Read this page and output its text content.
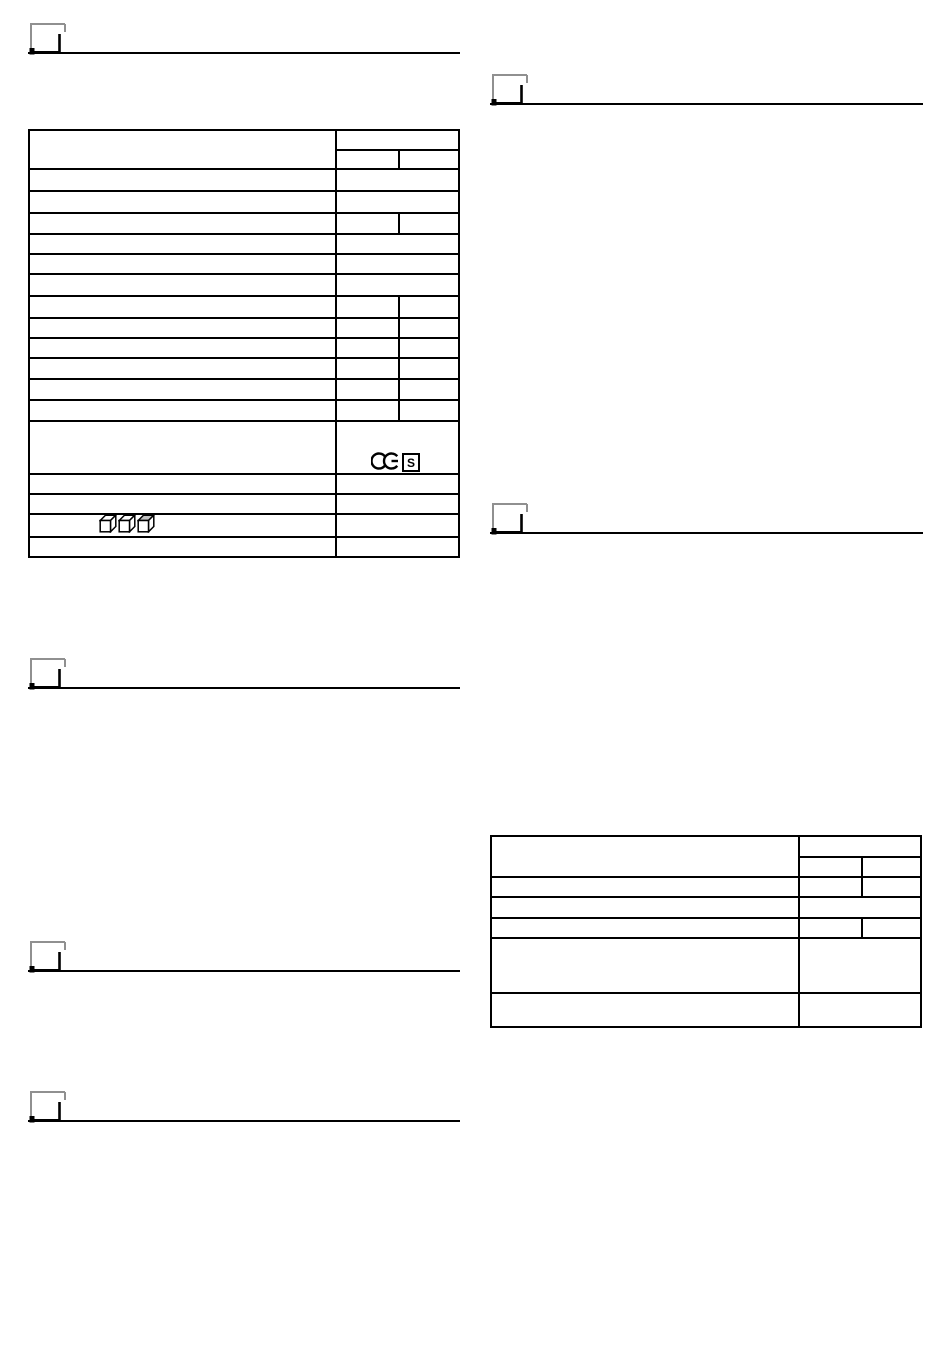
S
